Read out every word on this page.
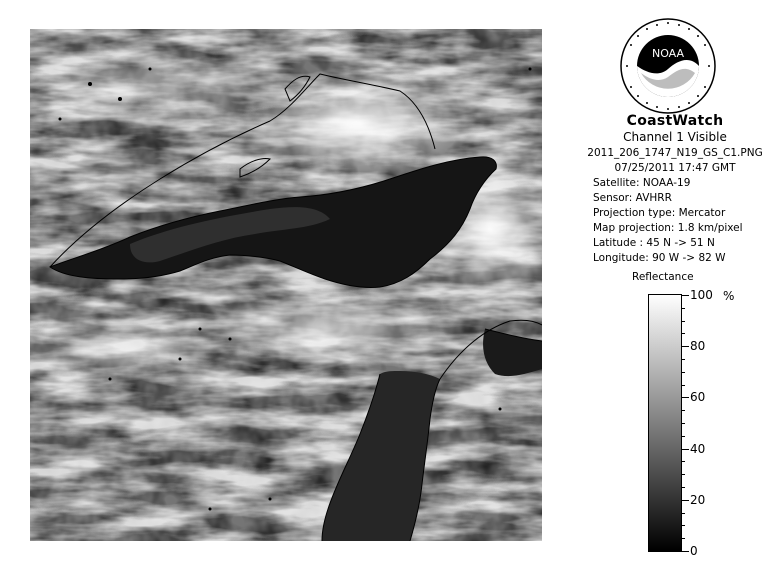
NOAA
CoastWatch
Channel 1 Visible
2011_206_1747_N19_GS_C1.PNG
07/25/2011 17:47 GMT
Satellite: NOAA-19
Sensor: AVHRR
Projection type: Mercator
Map projection: 1.8 km/pixel
Latitude : 45 N -> 51 N
Longitude: 90 W -> 82 W
Reflectance
%
100
80
60
40
20
0
